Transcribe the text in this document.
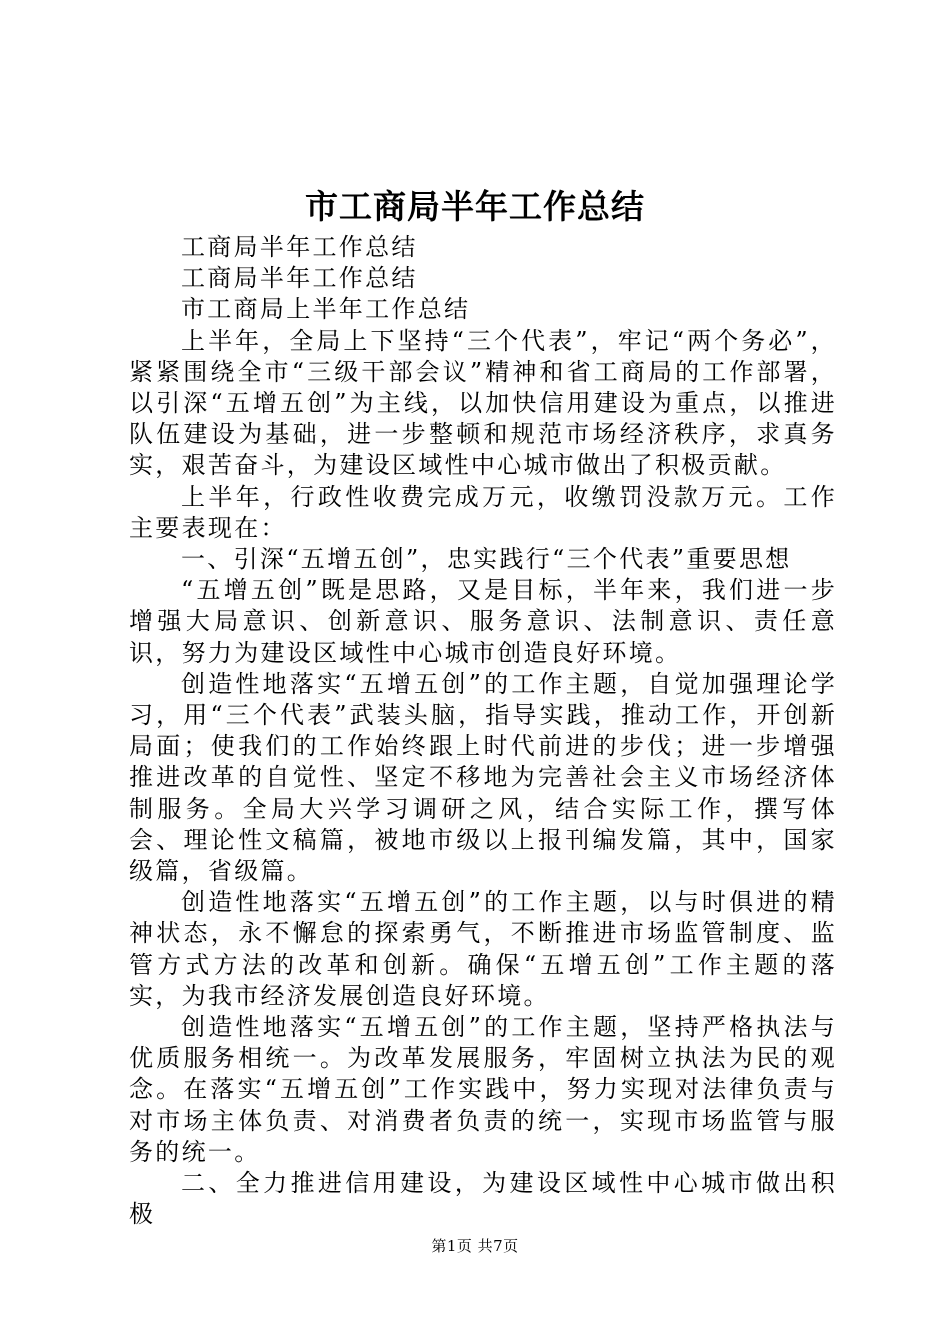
市工商局半年工作总结

工商局半年工作总结

工商局半年工作总结

市工商局上半年工作总结

上半年，全局上下坚持“三个代表”，牢记“两个务必”，紧紧围绕全市“三级干部会议”精神和省工商局的工作部署，以引深“五增五创”为主线，以加快信用建设为重点，以推进队伍建设为基础，进一步整顿和规范市场经济秩序，求真务实，艰苦奋斗，为建设区域性中心城市做出了积极贡献。

上半年，行政性收费完成万元，收缴罚没款万元。工作主要表现在：

一、引深“五增五创”，忠实践行“三个代表”重要思想

“五增五创”既是思路，又是目标，半年来，我们进一步增强大局意识、创新意识、服务意识、法制意识、责任意识，努力为建设区域性中心城市创造良好环境。

创造性地落实“五增五创”的工作主题，自觉加强理论学习，用“三个代表”武装头脑，指导实践，推动工作，开创新局面；使我们的工作始终跟上时代前进的步伐；进一步增强推进改革的自觉性、坚定不移地为完善社会主义市场经济体制服务。全局大兴学习调研之风，结合实际工作，撰写体会、理论性文稿篇，被地市级以上报刊编发篇，其中，国家级篇，省级篇。

创造性地落实“五增五创”的工作主题，以与时俱进的精神状态，永不懈怠的探索勇气，不断推进市场监管制度、监管方式方法的改革和创新。确保“五增五创”工作主题的落实，为我市经济发展创造良好环境。

创造性地落实“五增五创”的工作主题，坚持严格执法与优质服务相统一。为改革发展服务，牢固树立执法为民的观念。在落实“五增五创”工作实践中，努力实现对法律负责与对市场主体负责、对消费者负责的统一，实现市场监管与服务的统一。

二、全力推进信用建设，为建设区域性中心城市做出积极

第1页 共7页
